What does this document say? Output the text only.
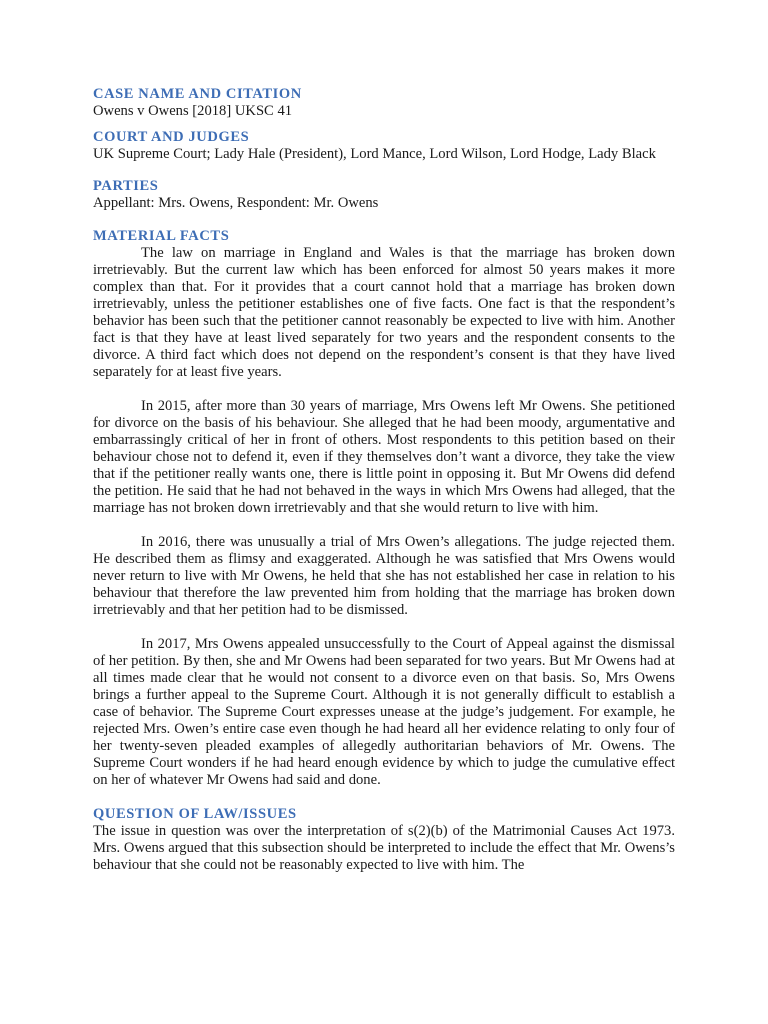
CASE NAME AND CITATION

Owens v Owens [2018] UKSC 41

COURT AND JUDGES

UK Supreme Court; Lady Hale (President), Lord Mance, Lord Wilson, Lord Hodge, Lady Black

PARTIES

Appellant: Mrs. Owens, Respondent: Mr. Owens

MATERIAL FACTS

The law on marriage in England and Wales is that the marriage has broken down irretrievably. But the current law which has been enforced for almost 50 years makes it more complex than that. For it provides that a court cannot hold that a marriage has broken down irretrievably, unless the petitioner establishes one of five facts. One fact is that the respondent’s behavior has been such that the petitioner cannot reasonably be expected to live with him. Another fact is that they have at least lived separately for two years and the respondent consents to the divorce. A third fact which does not depend on the respondent’s consent is that they have lived separately for at least five years.

In 2015, after more than 30 years of marriage, Mrs Owens left Mr Owens. She petitioned for divorce on the basis of his behaviour. She alleged that he had been moody, argumentative and embarrassingly critical of her in front of others. Most respondents to this petition based on their behaviour chose not to defend it, even if they themselves don’t want a divorce, they take the view that if the petitioner really wants one, there is little point in opposing it. But Mr Owens did defend the petition. He said that he had not behaved in the ways in which Mrs Owens had alleged, that the marriage has not broken down irretrievably and that she would return to live with him.

In 2016, there was unusually a trial of Mrs Owen’s allegations. The judge rejected them. He described them as flimsy and exaggerated. Although he was satisfied that Mrs Owens would never return to live with Mr Owens, he held that she has not established her case in relation to his behaviour that therefore the law prevented him from holding that the marriage has broken down irretrievably and that her petition had to be dismissed.

In 2017, Mrs Owens appealed unsuccessfully to the Court of Appeal against the dismissal of her petition. By then, she and Mr Owens had been separated for two years. But Mr Owens had at all times made clear that he would not consent to a divorce even on that basis. So, Mrs Owens brings a further appeal to the Supreme Court. Although it is not generally difficult to establish a case of behavior. The Supreme Court expresses unease at the judge’s judgement. For example, he rejected Mrs. Owen’s entire case even though he had heard all her evidence relating to only four of her twenty-seven pleaded examples of allegedly authoritarian behaviors of Mr. Owens. The Supreme Court wonders if he had heard enough evidence by which to judge the cumulative effect on her of whatever Mr Owens had said and done.

QUESTION OF LAW/ISSUES

The issue in question was over the interpretation of s(2)(b) of the Matrimonial Causes Act 1973. Mrs. Owens argued that this subsection should be interpreted to include the effect that Mr. Owens’s behaviour that she could not be reasonably expected to live with him. The
